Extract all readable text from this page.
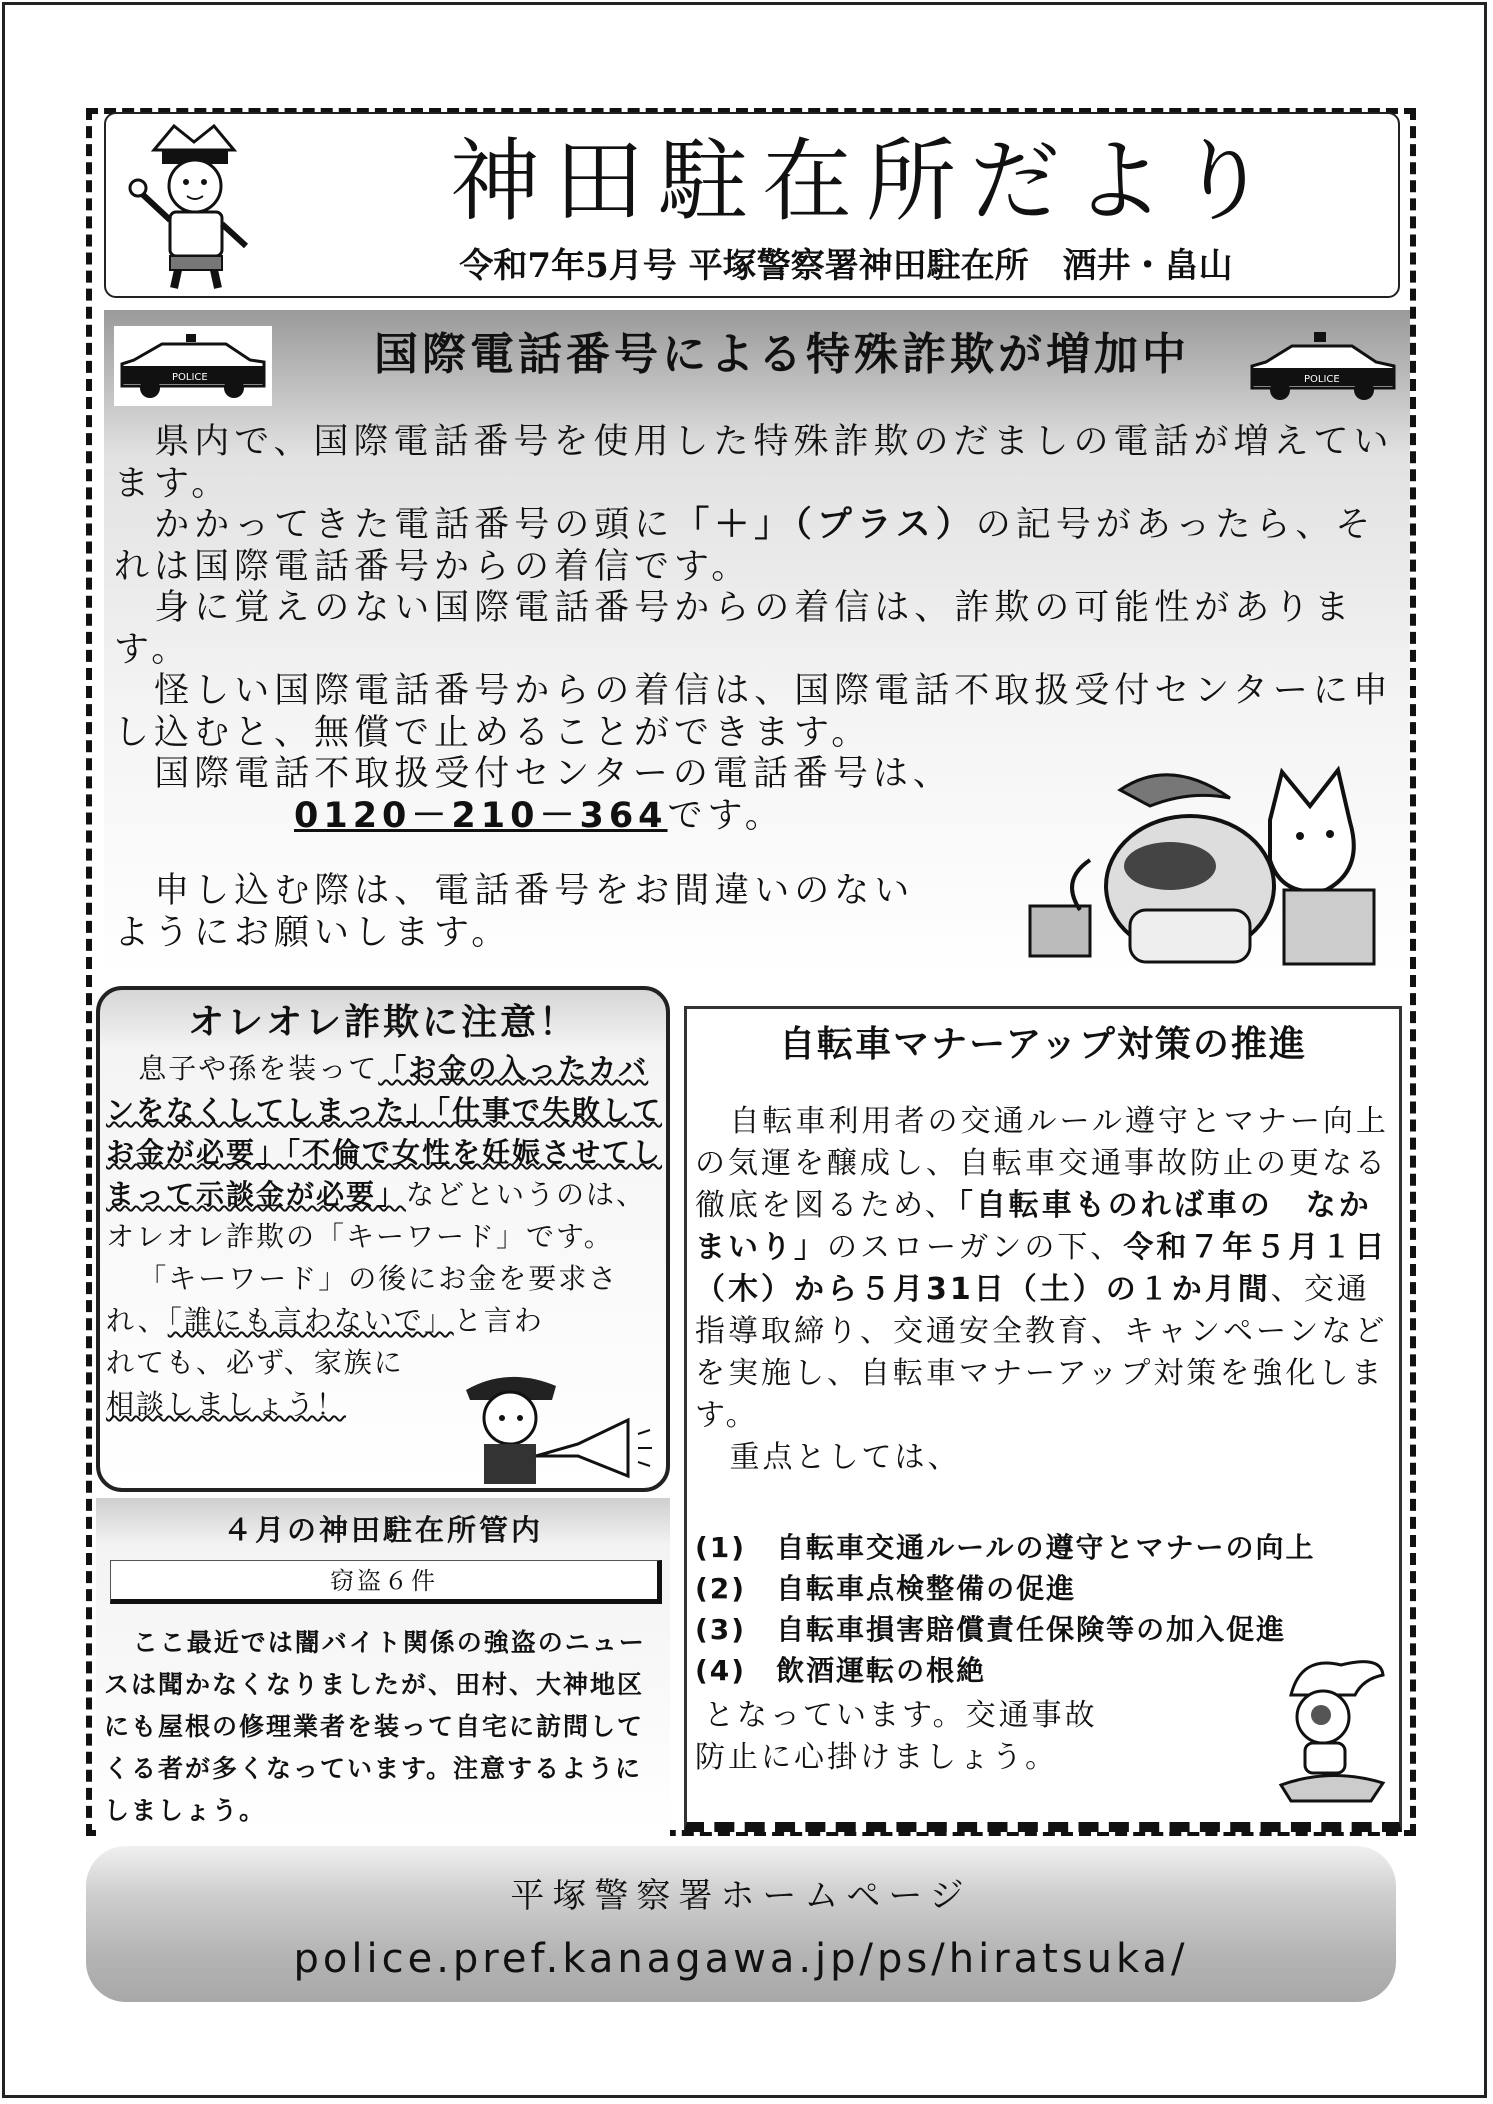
神田駐在所だより
令和7年5月号 平塚警察署神田駐在所　酒井・畠山
POLICE	国際電話番号による特殊詐欺が増加中	POLICE

県内で、国際電話番号を使用した特殊詐欺のだましの電話が増えています。

かかってきた電話番号の頭に「＋」（プラス）の記号があったら、それは国際電話番号からの着信です。

身に覚えのない国際電話番号からの着信は、詐欺の可能性があります。

怪しい国際電話番号からの着信は、国際電話不取扱受付センターに申し込むと、無償で止めることができます。

国際電話不取扱受付センターの電話番号は、

0120－210－364です。

申し込む際は、電話番号をお間違いのない

ようにお願いします。

オレオレ詐欺に注意！

息子や孫を装って「お金の入ったカバンをなくしてしまった」「仕事で失敗してお金が必要」「不倫で女性を妊娠させてしまって示談金が必要」などというのは、オレオレ詐欺の「キーワード」です。

「キーワード」の後にお金を要求され、「誰にも言わないで」と言わ

れても、必ず、家族に

相談しましょう！

４月の神田駐在所管内
窃盗６件

ここ最近では闇バイト関係の強盗のニュースは聞かなくなりましたが、田村、大神地区にも屋根の修理業者を装って自宅に訪問してくる者が多くなっています。注意するようにしましょう。

自転車マナーアップ対策の推進

自転車利用者の交通ルール遵守とマナー向上の気運を醸成し、自転車交通事故防止の更なる徹底を図るため、「自転車ものれば車の　なかまいり」のスローガンの下、令和７年５月１日（木）から５月31日（土）の１か月間、交通指導取締り、交通安全教育、キャンペーンなどを実施し、自転車マナーアップ対策を強化します。

重点としては、

(1)　自転車交通ルールの遵守とマナーの向上
(2)　自転車点検整備の促進
(3)　自転車損害賠償責任保険等の加入促進
(4)　飲酒運転の根絶

となっています。交通事故

防止に心掛けましょう。

平塚警察署ホームページ
police.pref.kanagawa.jp/ps/hiratsuka/
